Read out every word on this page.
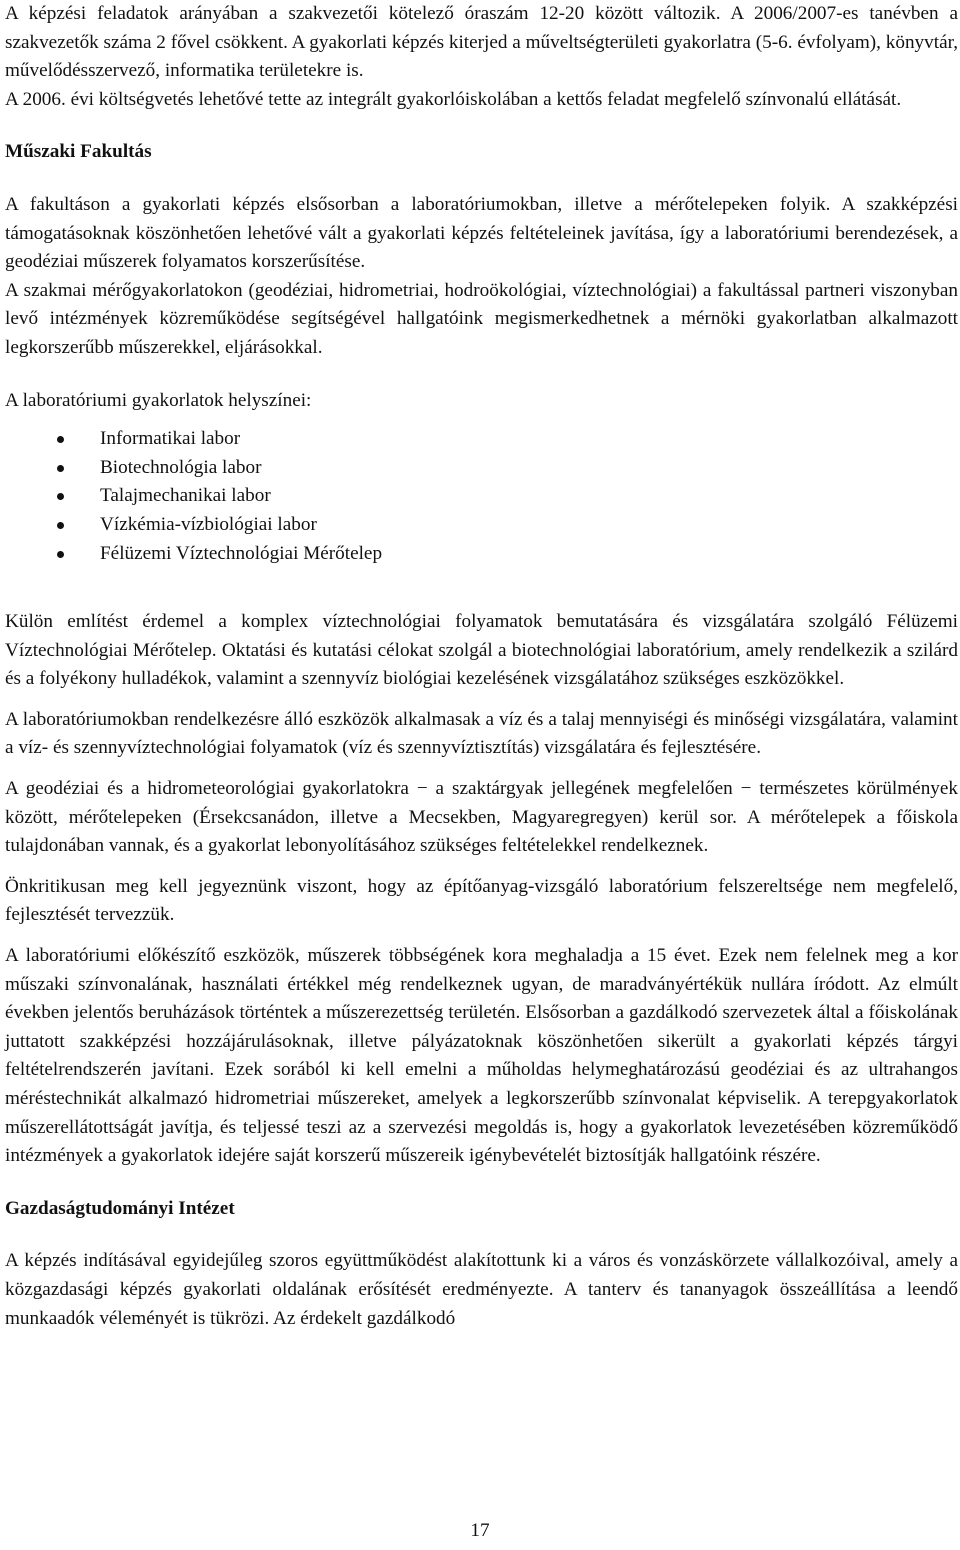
A képzési feladatok arányában a szakvezetői kötelező óraszám 12-20 között változik. A 2006/2007-es tanévben a szakvezetők száma 2 fővel csökkent. A gyakorlati képzés kiterjed a műveltségterületi gyakorlatra (5-6. évfolyam), könyvtár, művelődésszervező, informatika területekre is.

A 2006. évi költségvetés lehetővé tette az integrált gyakorlóiskolában a kettős feladat megfelelő színvonalú ellátását.

Műszaki Fakultás

A fakultáson a gyakorlati képzés elsősorban a laboratóriumokban, illetve a mérőtelepeken folyik. A szakképzési támogatásoknak köszönhetően lehetővé vált a gyakorlati képzés feltételeinek javítása, így a laboratóriumi berendezések, a geodéziai műszerek folyamatos korszerűsítése.

A szakmai mérőgyakorlatokon (geodéziai, hidrometriai, hodroökológiai, víztechnológiai) a fakultással partneri viszonyban levő intézmények közreműködése segítségével hallgatóink megismerkedhetnek a mérnöki gyakorlatban alkalmazott legkorszerűbb műszerekkel, eljárásokkal.

A laboratóriumi gyakorlatok helyszínei:

Informatikai labor
Biotechnológia labor
Talajmechanikai labor
Vízkémia-vízbiológiai labor
Félüzemi Víztechnológiai Mérőtelep

Külön említést érdemel a komplex víztechnológiai folyamatok bemutatására és vizsgálatára szolgáló Félüzemi Víztechnológiai Mérőtelep. Oktatási és kutatási célokat szolgál a biotechnológiai laboratórium, amely rendelkezik a szilárd és a folyékony hulladékok, valamint a szennyvíz biológiai kezelésének vizsgálatához szükséges eszközökkel.

A laboratóriumokban rendelkezésre álló eszközök alkalmasak a víz és a talaj mennyiségi és minőségi vizsgálatára, valamint a víz- és szennyvíztechnológiai folyamatok (víz és szennyvíztisztítás) vizsgálatára és fejlesztésére.

A geodéziai és a hidrometeorológiai gyakorlatokra − a szaktárgyak jellegének megfelelően − természetes körülmények között, mérőtelepeken (Érsekcsanádon, illetve a Mecsekben, Magyaregregyen) kerül sor. A mérőtelepek a főiskola tulajdonában vannak, és a gyakorlat lebonyolításához szükséges feltételekkel rendelkeznek.

Önkritikusan meg kell jegyeznünk viszont, hogy az építőanyag-vizsgáló laboratórium felszereltsége nem megfelelő, fejlesztését tervezzük.

A laboratóriumi előkészítő eszközök, műszerek többségének kora meghaladja a 15 évet. Ezek nem felelnek meg a kor műszaki színvonalának, használati értékkel még rendelkeznek ugyan, de maradványértékük nullára íródott. Az elmúlt években jelentős beruházások történtek a műszerezettség területén. Elsősorban a gazdálkodó szervezetek által a főiskolának juttatott szakképzési hozzájárulásoknak, illetve pályázatoknak köszönhetően sikerült a gyakorlati képzés tárgyi feltételrendszerén javítani. Ezek sorából ki kell emelni a műholdas helymeghatározású geodéziai és az ultrahangos méréstechnikát alkalmazó hidrometriai műszereket, amelyek a legkorszerűbb színvonalat képviselik. A terepgyakorlatok műszerellátottságát javítja, és teljessé teszi az a szervezési megoldás is, hogy a gyakorlatok levezetésében közreműködő intézmények a gyakorlatok idejére saját korszerű műszereik igénybevételét biztosítják hallgatóink részére.

Gazdaságtudományi Intézet

A képzés indításával egyidejűleg szoros együttműködést alakítottunk ki a város és vonzáskörzete vállalkozóival, amely a közgazdasági képzés gyakorlati oldalának erősítését eredményezte. A tanterv és tananyagok összeállítása a leendő munkaadók véleményét is tükrözi. Az érdekelt gazdálkodó

17
